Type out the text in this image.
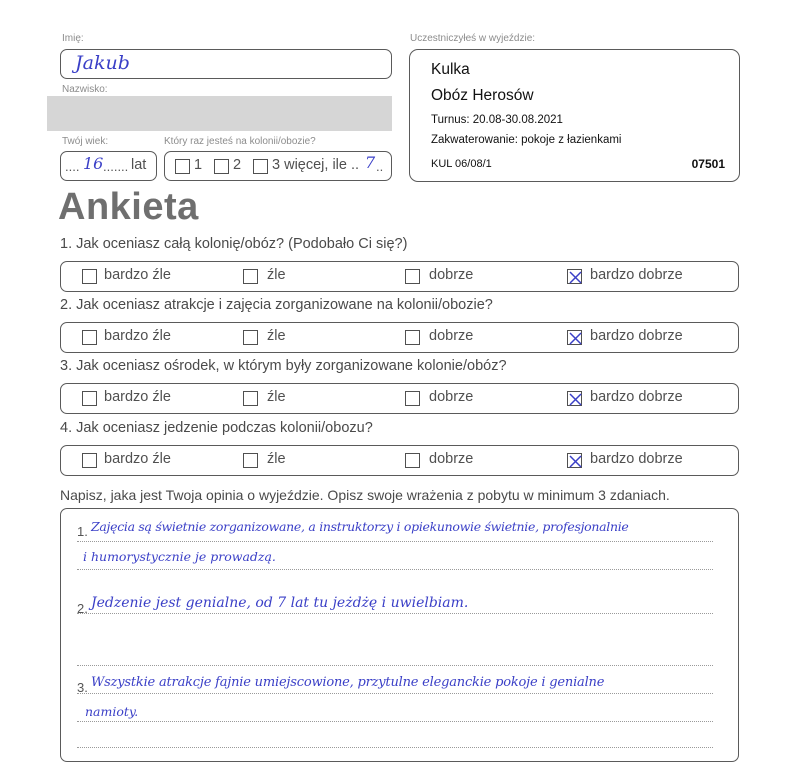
Imię:
Jakub
Nazwisko:
Twój wiek:	Który raz jesteś na kolonii/obozie?
.... 16 ....... lat	1 2 3 więcej, ile .. 7 ..
Uczestniczyłeś w wyjeździe:
Kulka
Obóz Herosów
Turnus: 20.08-30.08.2021
Zakwaterowanie: pokoje z łazienkami
KUL 06/08/1	07501
Ankieta
1. Jak oceniasz całą kolonię/obóz? (Podobało Ci się?)
bardzo źle	źle	dobrze	bardzo dobrze
2. Jak oceniasz atrakcje i zajęcia zorganizowane na kolonii/obozie?
bardzo źle	źle	dobrze	bardzo dobrze
3. Jak oceniasz ośrodek, w którym były zorganizowane kolonie/obóz?
bardzo źle	źle	dobrze	bardzo dobrze
4. Jak oceniasz jedzenie podczas kolonii/obozu?
bardzo źle	źle	dobrze	bardzo dobrze
Napisz, jaka jest Twoja opinia o wyjeździe. Opisz swoje wrażenia z pobytu w minimum 3 zdaniach.
1. Zajęcia są świetnie zorganizowane, a instruktorzy i opiekunowie świetnie, profesjonalnie
i humorystycznie je prowadzą.
2. Jedzenie jest genialne, od 7 lat tu jeżdżę i uwielbiam.
3. Wszystkie atrakcje fajnie umiejscowione, przytulne eleganckie pokoje i genialne
namioty.
